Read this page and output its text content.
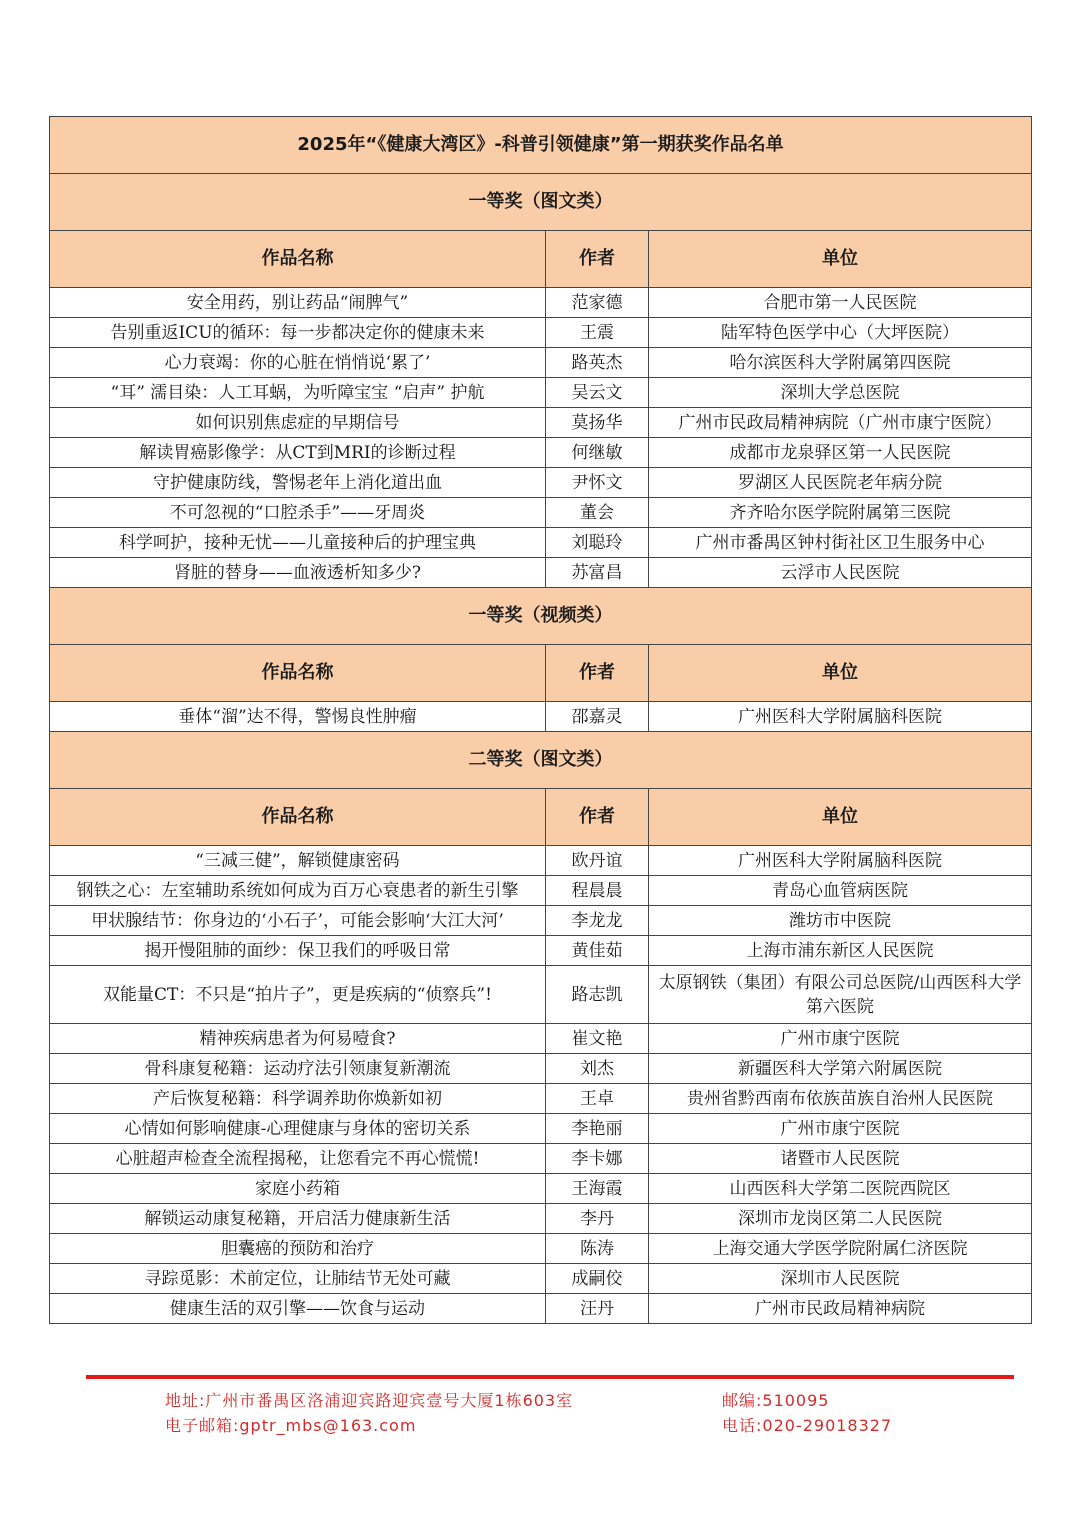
2025年“《健康大湾区》-科普引领健康”第一期获奖作品名单		
一等奖（图文类）		
作品名称	作者	单位
安全用药，别让药品“闹脾气”	范家德	合肥市第一人民医院
告别重返ICU的循环：每一步都决定你的健康未来	王震	陆军特色医学中心（大坪医院）
心力衰竭：你的心脏在悄悄说‘累了’	路英杰	哈尔滨医科大学附属第四医院
“耳” 濡目染：人工耳蜗，为听障宝宝 “启声” 护航	吴云文	深圳大学总医院
如何识别焦虑症的早期信号	莫扬华	广州市民政局精神病院（广州市康宁医院）
解读胃癌影像学：从CT到MRI的诊断过程	何继敏	成都市龙泉驿区第一人民医院
守护健康防线，警惕老年上消化道出血	尹怀文	罗湖区人民医院老年病分院
不可忽视的“口腔杀手”——牙周炎	董会	齐齐哈尔医学院附属第三医院
科学呵护，接种无忧——儿童接种后的护理宝典	刘聪玲	广州市番禺区钟村街社区卫生服务中心
肾脏的替身——血液透析知多少?	苏富昌	云浮市人民医院
一等奖（视频类）		
作品名称	作者	单位
垂体“溜”达不得，警惕良性肿瘤	邵嘉灵	广州医科大学附属脑科医院
二等奖（图文类）		
作品名称	作者	单位
“三减三健”，解锁健康密码	欧丹谊	广州医科大学附属脑科医院
钢铁之心：左室辅助系统如何成为百万心衰患者的新生引擎	程晨晨	青岛心血管病医院
甲状腺结节：你身边的‘小石子’，可能会影响‘大江大河’	李龙龙	潍坊市中医院
揭开慢阻肺的面纱：保卫我们的呼吸日常	黄佳茹	上海市浦东新区人民医院
双能量CT：不只是“拍片子”，更是疾病的“侦察兵”!	路志凯	太原钢铁（集团）有限公司总医院/山西医科大学第六医院
精神疾病患者为何易噎食?	崔文艳	广州市康宁医院
骨科康复秘籍：运动疗法引领康复新潮流	刘杰	新疆医科大学第六附属医院
产后恢复秘籍：科学调养助你焕新如初	王卓	贵州省黔西南布依族苗族自治州人民医院
心情如何影响健康-心理健康与身体的密切关系	李艳丽	广州市康宁医院
心脏超声检查全流程揭秘，让您看完不再心慌慌!	李卡娜	诸暨市人民医院
家庭小药箱	王海霞	山西医科大学第二医院西院区
解锁运动康复秘籍，开启活力健康新生活	李丹	深圳市龙岗区第二人民医院
胆囊癌的预防和治疗	陈涛	上海交通大学医学院附属仁济医院
寻踪觅影：术前定位，让肺结节无处可藏	成嗣佼	深圳市人民医院
健康生活的双引擎——饮食与运动	汪丹	广州市民政局精神病院
地址:广州市番禺区洛浦迎宾路迎宾壹号大厦1栋603室	邮编:510095
电子邮箱:gptr_mbs@163.com	电话:020-29018327
